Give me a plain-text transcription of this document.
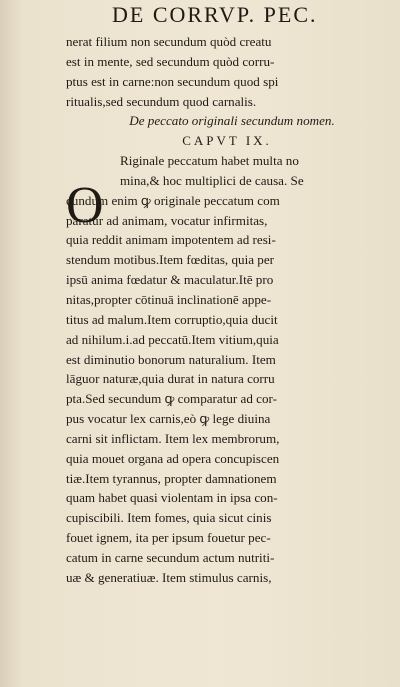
DE CORRVP. PEC.
nerat filium non secundum quòd creatu
est in mente, sed secundum quòd corru-
ptus est in carne:non secundum quod spi
ritualis,sed secundum quod carnalis.
De peccato originali secundum nomen.
CAPVT IX.
O
Riginale peccatum habet multa no
mina,& hoc multiplici de causa. Se
cundum enim ꝙ originale peccatum com
paratur ad animam, vocatur infirmitas,
quia reddit animam impotentem ad resi-
stendum motibus.Item fœditas, quia per
ipsū anima fœdatur & maculatur.Itē pro
nitas,propter cōtinuā inclinationē appe-
titus ad malum.Item corruptio,quia ducit
ad nihilum.i.ad peccatū.Item vitium,quia
est diminutio bonorum naturalium. Item
lāguor naturæ,quia durat in natura corru
pta.Sed secundum ꝙ comparatur ad cor-
pus vocatur lex carnis,eò ꝙ lege diuina
carni sit inflictam. Item lex membrorum,
quia mouet organa ad opera concupiscen
tiæ.Item tyrannus, propter damnationem
quam habet quasi violentam in ipsa con-
cupiscibili. Item fomes, quia sicut cinis
fouet ignem, ita per ipsum fouetur pec-
catum in carne secundum actum nutriti-
uæ & generatiuæ. Item stimulus carnis,
